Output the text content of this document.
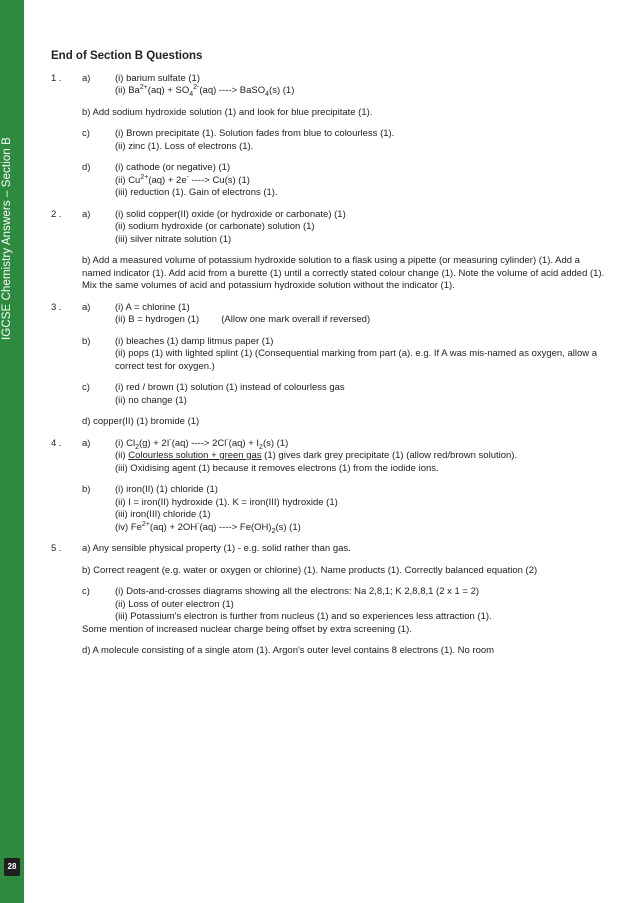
IGCSE Chemistry Answers – Section B
28
End of Section B Questions
1 .	a)	(i) barium sulfate (1)
(ii) $Ba^{2+}(aq) + SO_4^{2-}(aq)$ ----> BaSO$_4$(s) (1)
b) Add sodium hydroxide solution (1) and look for blue precipitate (1).
c)	(i) Brown precipitate (1). Solution fades from blue to colourless (1).
(ii) zinc (1). Loss of electrons (1).
d)	(i) cathode (or negative) (1)
(ii) $Cu^{2+}(aq) + 2e^-$ ----> Cu(s) (1)
(iii) reduction (1). Gain of electrons (1).
2 .	a)	(i) solid copper(II) oxide (or hydroxide or carbonate) (1)
(ii) sodium hydroxide (or carbonate) solution (1)
(iii) silver nitrate solution (1)
b) Add a measured volume of potassium hydroxide solution to a flask using a pipette (or measuring cylinder) (1). Add a named indicator (1). Add acid from a burette (1) until a correctly stated colour change (1). Note the volume of acid added (1). Mix the same volumes of acid and potassium hydroxide solution without the indicator (1).
3 .	a)	(i) A = chlorine (1)
(ii) B = hydrogen (1) (Allow one mark overall if reversed)
b)	(i) bleaches (1) damp litmus paper (1)
(ii) pops (1) with lighted splint (1) (Consequential marking from part (a). e.g. If A was mis-named as oxygen, allow a correct test for oxygen.)
c)	(i) red / brown (1) solution (1) instead of colourless gas
(ii) no change (1)
d) copper(II) (1) bromide (1)
4 .	a)	(i) $Cl_2(g) + 2I^-(aq)$ ----> $2Cl^-(aq) + I_2(s)$ (1)
(ii) Colourless solution + green gas (1) gives dark grey precipitate (1) (allow red/brown solution).
(iii) Oxidising agent (1) because it removes electrons (1) from the iodide ions.
b)	(i) iron(II) (1) chloride (1)
(ii) I = iron(II) hydroxide (1). K = iron(III) hydroxide (1)
(iii) iron(III) chloride (1)
(iv) $Fe^{2+}(aq) + 2OH^-(aq)$ ----> $Fe(OH)_2(s)$ (1)
5 .	a) Any sensible physical property (1) - e.g. solid rather than gas.
b) Correct reagent (e.g. water or oxygen or chlorine) (1). Name products (1). Correctly balanced equation (2)
c)	(i) Dots-and-crosses diagrams showing all the electrons: Na 2,8,1; K 2,8,8,1 (2 x 1 = 2)
(ii) Loss of outer electron (1)
(iii) Potassium's electron is further from nucleus (1) and so experiences less attraction (1).
Some mention of increased nuclear charge being offset by extra screening (1).
d) A molecule consisting of a single atom (1). Argon's outer level contains 8 electrons (1). No room
